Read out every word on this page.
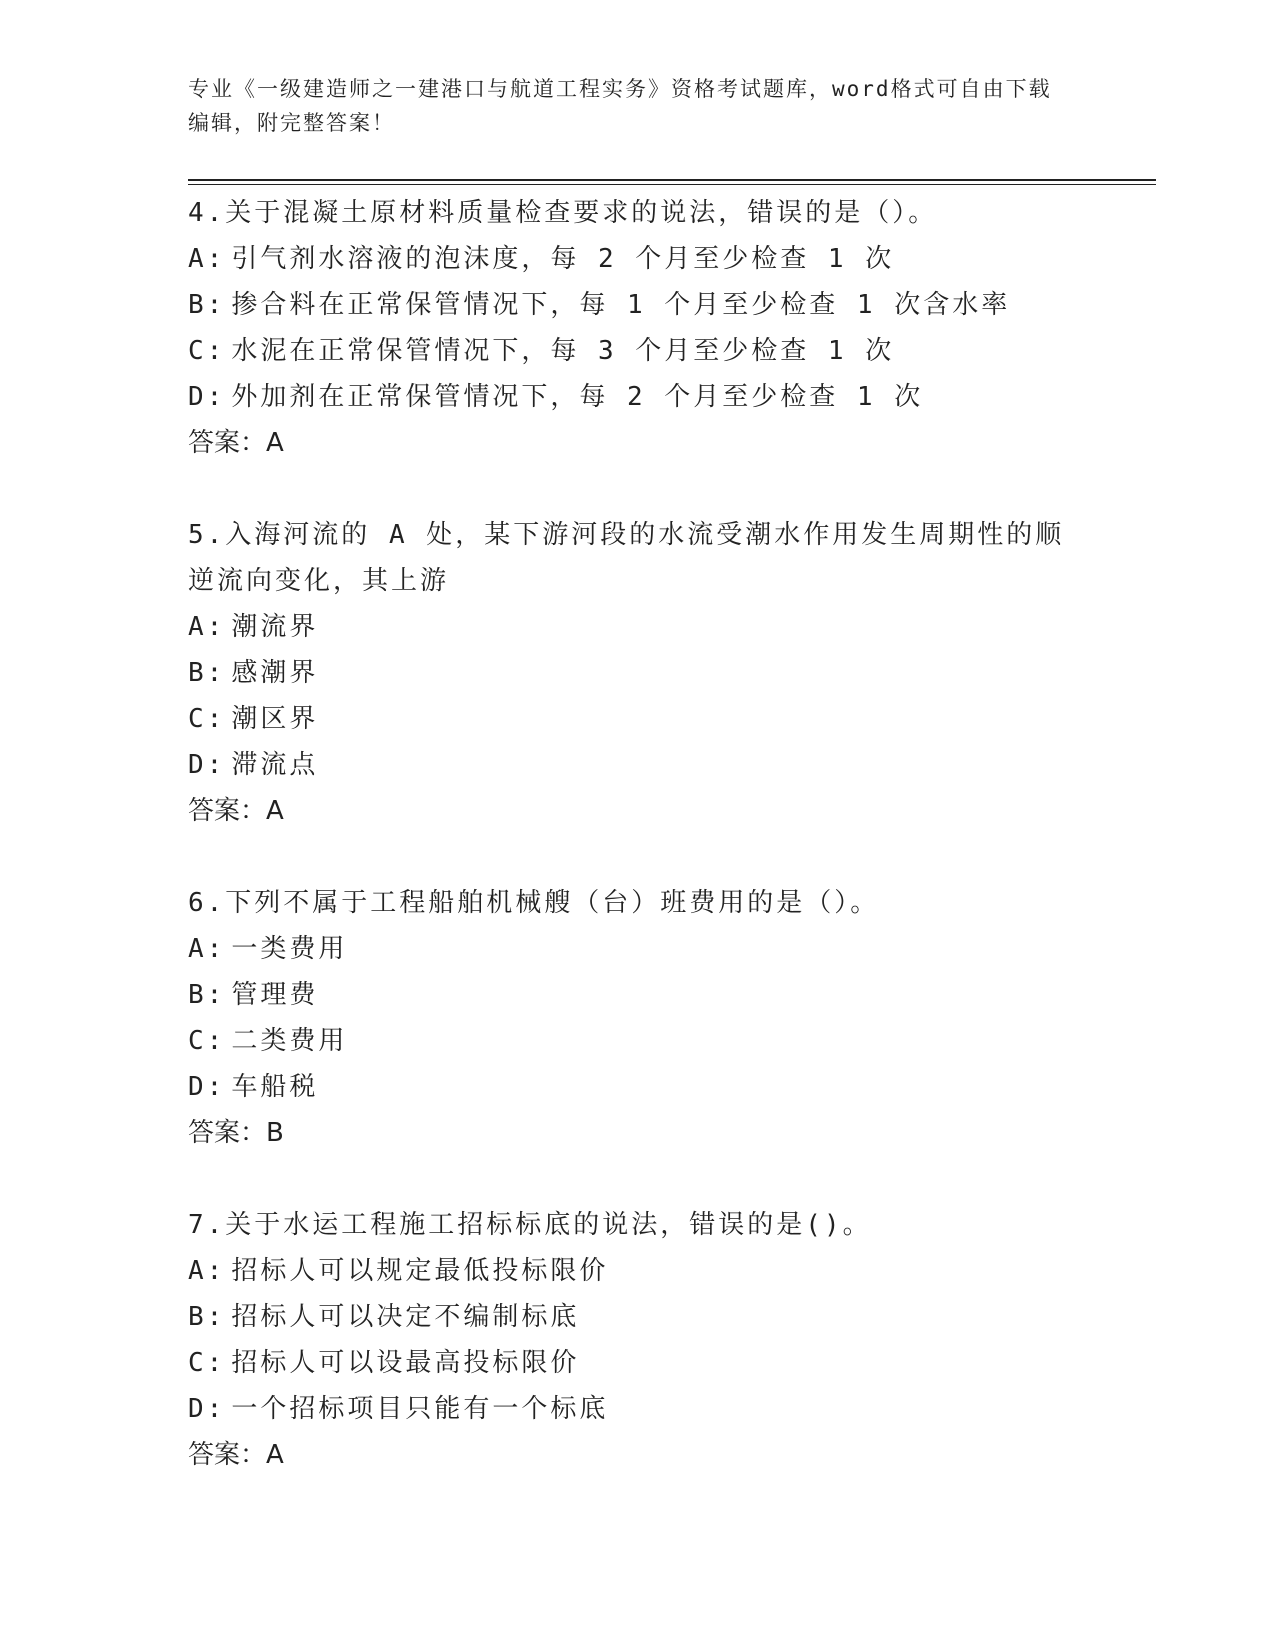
专业《一级建造师之一建港口与航道工程实务》资格考试题库，word格式可自由下载编辑，附完整答案！

4.关于混凝土原材料质量检查要求的说法，错误的是（）。

A: 引气剂水溶液的泡沫度，每 2 个月至少检查 1 次

B: 掺合料在正常保管情况下，每 1 个月至少检查 1 次含水率

C: 水泥在正常保管情况下，每 3 个月至少检查 1 次

D: 外加剂在正常保管情况下，每 2 个月至少检查 1 次

答案：A

5.入海河流的 A 处，某下游河段的水流受潮水作用发生周期性的顺逆流向变化，其上游

A: 潮流界

B: 感潮界

C: 潮区界

D: 滞流点

答案：A

6.下列不属于工程船舶机械艘（台）班费用的是（）。

A: 一类费用

B: 管理费

C: 二类费用

D: 车船税

答案：B

7.关于水运工程施工招标标底的说法，错误的是()。

A: 招标人可以规定最低投标限价

B: 招标人可以决定不编制标底

C: 招标人可以设最高投标限价

D: 一个招标项目只能有一个标底

答案：A
